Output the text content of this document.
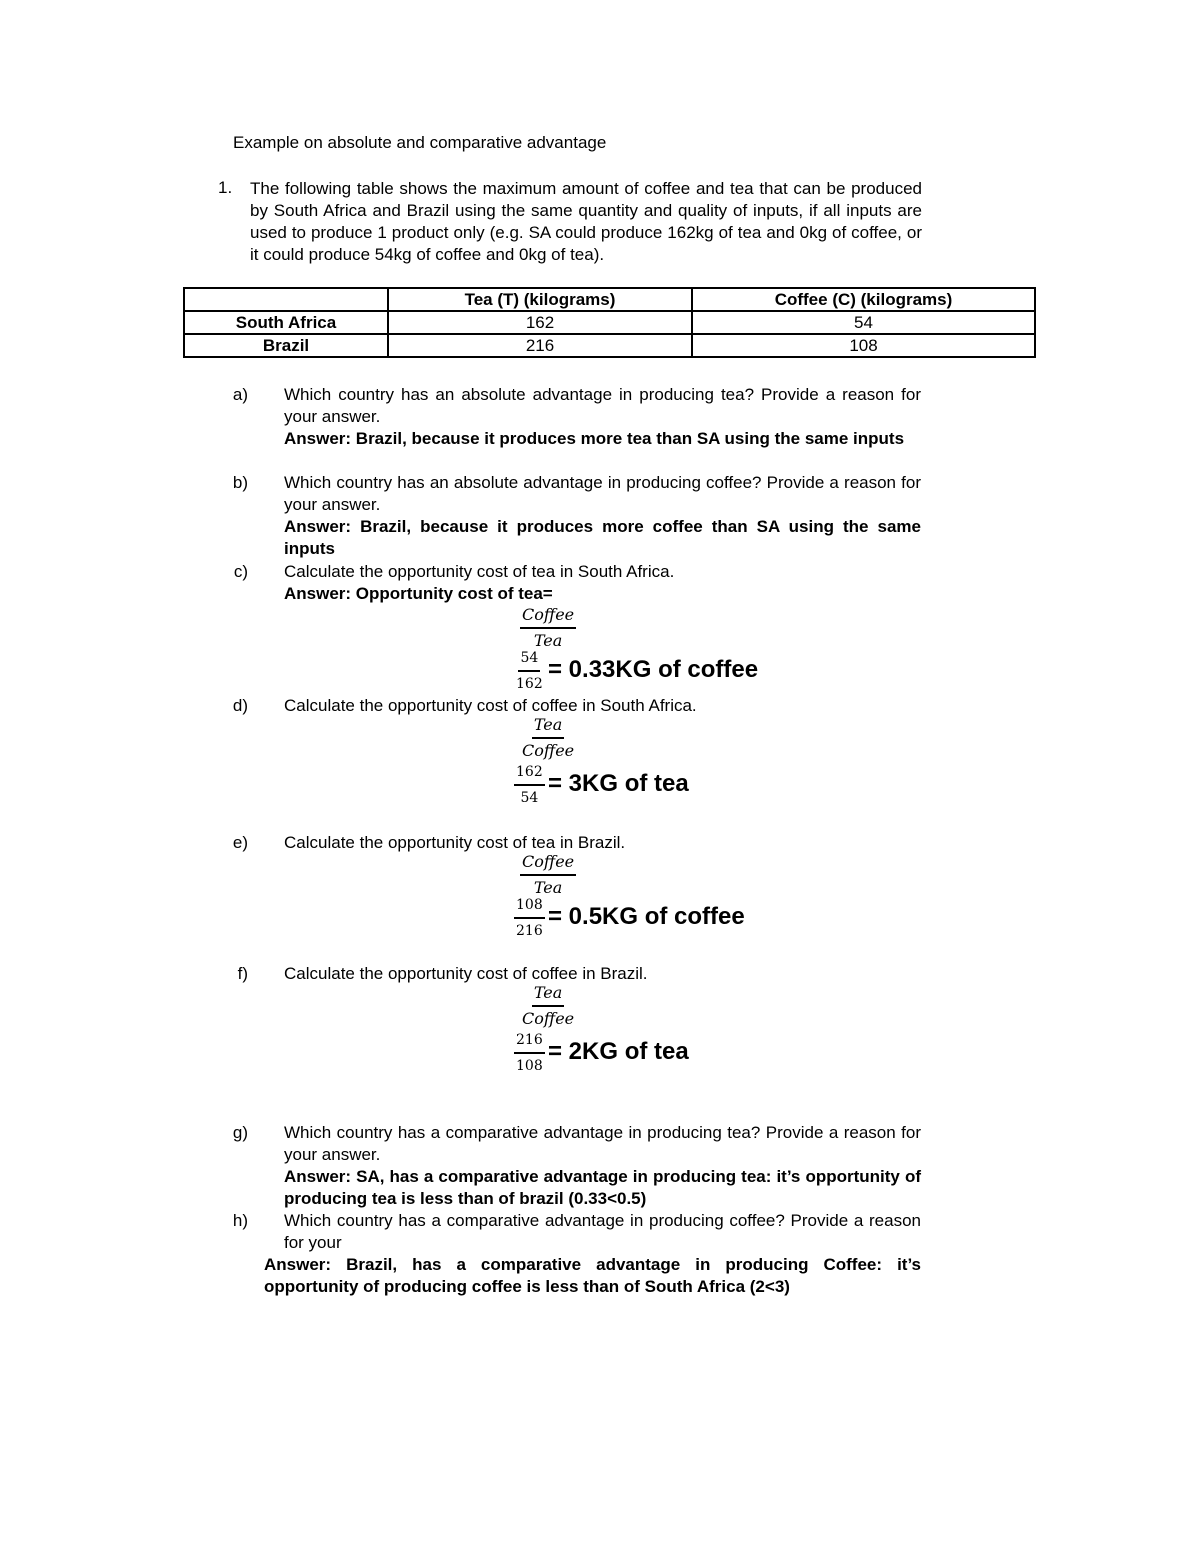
Example on absolute and comparative advantage
1. The following table shows the maximum amount of coffee and tea that can be produced by South Africa and Brazil using the same quantity and quality of inputs, if all inputs are used to produce 1 product only (e.g. SA could produce 162kg of tea and 0kg of coffee, or it could produce 54kg of coffee and 0kg of tea).
	Tea (T) (kilograms)	Coffee (C) (kilograms)
South Africa	162	54
Brazil	216	108
a) Which country has an absolute advantage in producing tea? Provide a reason for your answer.
Answer: Brazil, because it produces more tea than SA using the same inputs
b) Which country has an absolute advantage in producing coffee? Provide a reason for your answer.
Answer: Brazil, because it produces more coffee than SA using the same inputs
c) Calculate the opportunity cost of tea in South Africa.
Answer: Opportunity cost of tea=
Coffee
Tea
$\frac{54}{162} = 0.33KG$ of coffee
d) Calculate the opportunity cost of coffee in South Africa.
Tea
Coffee
$\frac{162}{54} = 3KG$ of tea
e) Calculate the opportunity cost of tea in Brazil.
Coffee
Tea
$\frac{108}{216} = 0.5KG$ of coffee
f) Calculate the opportunity cost of coffee in Brazil.
Tea
Coffee
$\frac{216}{108} = 2KG$ of tea
g) Which country has a comparative advantage in producing tea? Provide a reason for your answer.
Answer: SA, has a comparative advantage in producing tea: it’s opportunity of producing tea is less than of brazil (0.33<0.5)
h) Which country has a comparative advantage in producing coffee? Provide a reason for your
Answer: Brazil, has a comparative advantage in producing Coffee: it’s opportunity of producing coffee is less than of South Africa (2<3)
